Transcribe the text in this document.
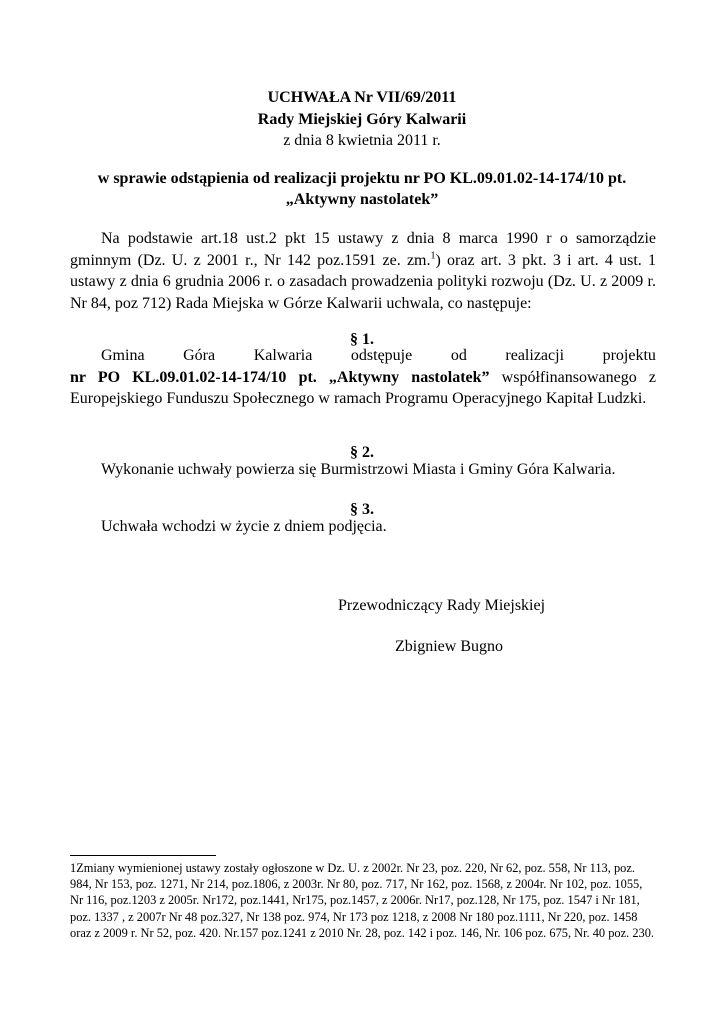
UCHWAŁA Nr VII/69/2011
Rady Miejskiej Góry Kalwarii
z dnia 8 kwietnia 2011 r.
w sprawie odstąpienia od realizacji projektu nr PO KL.09.01.02-14-174/10 pt.
„Aktywny nastolatek”
Na podstawie art.18 ust.2 pkt 15 ustawy z dnia 8 marca 1990 r o samorządzie gminnym (Dz. U. z 2001 r., Nr 142 poz.1591 ze. zm.$^1$) oraz art. 3 pkt. 3 i art. 4 ust. 1 ustawy z dnia 6 grudnia 2006 r. o zasadach prowadzenia polityki rozwoju (Dz. U. z 2009 r. Nr 84, poz 712) Rada Miejska w Górze Kalwarii uchwala, co następuje:
§ 1.
Gmina Góra Kalwaria odstępuje od realizacji projektu
nr PO KL.09.01.02-14-174/10 pt. „Aktywny nastolatek” współfinansowanego z Europejskiego Funduszu Społecznego w ramach Programu Operacyjnego Kapitał Ludzki.
§ 2.
Wykonanie uchwały powierza się Burmistrzowi Miasta i Gminy Góra Kalwaria.
§ 3.
Uchwała wchodzi w życie z dniem podjęcia.
Przewodniczący Rady Miejskiej
Zbigniew Bugno
1Zmiany wymienionej ustawy zostały ogłoszone w Dz. U. z 2002r. Nr 23, poz. 220, Nr 62, poz. 558, Nr 113, poz. 984, Nr 153, poz. 1271, Nr 214, poz.1806, z 2003r. Nr 80, poz. 717, Nr 162, poz. 1568, z 2004r. Nr 102, poz. 1055, Nr 116, poz.1203 z 2005r. Nr172, poz.1441, Nr175, poz.1457, z 2006r. Nr17, poz.128, Nr 175, poz. 1547 i Nr 181, poz. 1337 , z 2007r Nr 48 poz.327, Nr 138 poz. 974, Nr 173 poz 1218, z 2008 Nr 180 poz.1111, Nr 220, poz. 1458 oraz z 2009 r. Nr 52, poz. 420. Nr.157 poz.1241 z 2010 Nr. 28, poz. 142 i poz. 146, Nr. 106 poz. 675, Nr. 40 poz. 230.
